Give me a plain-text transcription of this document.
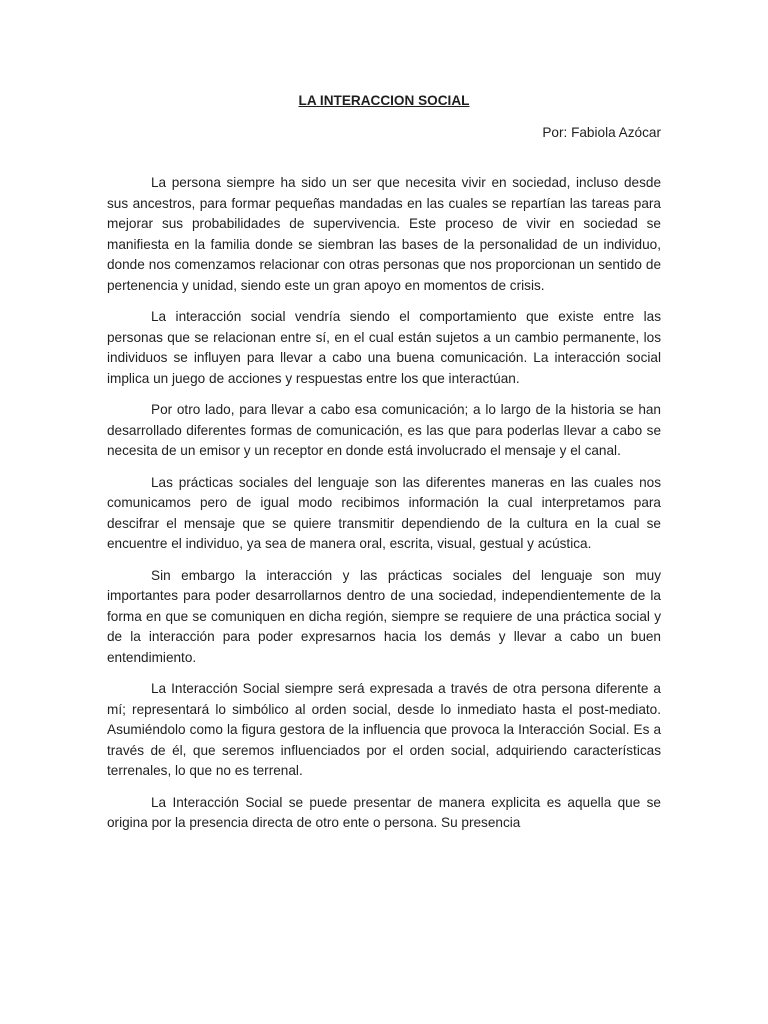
LA INTERACCION SOCIAL
Por: Fabiola Azócar

La persona siempre ha sido un ser que necesita vivir en sociedad, incluso desde sus ancestros, para formar pequeñas mandadas en las cuales se repartían las tareas para mejorar sus probabilidades de supervivencia. Este proceso de vivir en sociedad se manifiesta en la familia donde se siembran las bases de la personalidad de un individuo, donde nos comenzamos relacionar con otras personas que nos proporcionan un sentido de pertenencia y unidad, siendo este un gran apoyo en momentos de crisis.

La interacción social vendría siendo el comportamiento que existe entre las personas que se relacionan entre sí, en el cual están sujetos a un cambio permanente, los individuos se influyen para llevar a cabo una buena comunicación. La interacción social implica un juego de acciones y respuestas entre los que interactúan.

Por otro lado, para llevar a cabo esa comunicación; a lo largo de la historia se han desarrollado diferentes formas de comunicación, es las que para poderlas llevar a cabo se necesita de un emisor y un receptor en donde está involucrado el mensaje y el canal.

Las prácticas sociales del lenguaje son las diferentes maneras en las cuales nos comunicamos pero de igual modo recibimos información la cual interpretamos para descifrar el mensaje que se quiere transmitir dependiendo de la cultura en la cual se encuentre el individuo, ya sea de manera oral, escrita, visual, gestual y acústica.

Sin embargo la interacción y las prácticas sociales del lenguaje son muy importantes para poder desarrollarnos dentro de una sociedad, independientemente de la forma en que se comuniquen en dicha región, siempre se requiere de una práctica social y de la interacción para poder expresarnos hacia los demás y llevar a cabo un buen entendimiento.

La Interacción Social siempre será expresada a través de otra persona diferente a mí; representará lo simbólico al orden social, desde lo inmediato hasta el post-mediato. Asumiéndolo como la figura gestora de la influencia que provoca la Interacción Social. Es a través de él, que seremos influenciados por el orden social, adquiriendo características terrenales, lo que no es terrenal.

La Interacción Social se puede presentar de manera explicita es aquella que se origina por la presencia directa de otro ente o persona. Su presencia
